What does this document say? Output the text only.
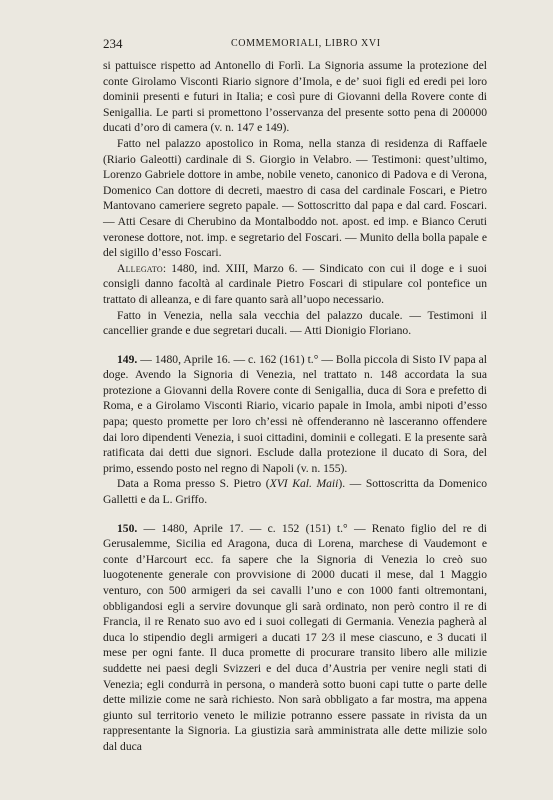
234	COMMEMORIALI, LIBRO XVI

si pattuisce rispetto ad Antonello di Forlì. La Signoria assume la protezione del conte Girolamo Visconti Riario signore d’Imola, e de’ suoi figli ed eredi pei loro dominii presenti e futuri in Italia; e così pure di Giovanni della Rovere conte di Senigallia. Le parti si promettono l’osservanza del presente sotto pena di 200000 ducati d’oro di camera (v. n. 147 e 149).

Fatto nel palazzo apostolico in Roma, nella stanza di residenza di Raffaele (Riario Galeotti) cardinale di S. Giorgio in Velabro. — Testimoni: quest’ultimo, Lorenzo Gabriele dottore in ambe, nobile veneto, canonico di Padova e di Verona, Domenico Can dottore di decreti, maestro di casa del cardinale Foscari, e Pietro Mantovano cameriere segreto papale. — Sottoscritto dal papa e dal card. Foscari. — Atti Cesare di Cherubino da Montalboddo not. apost. ed imp. e Bianco Ceruti veronese dottore, not. imp. e segretario del Foscari. — Munito della bolla papale e del sigillo d’esso Foscari.

Allegato: 1480, ind. XIII, Marzo 6. — Sindicato con cui il doge e i suoi consigli danno facoltà al cardinale Pietro Foscari di stipulare col pontefice un trattato di alleanza, e di fare quanto sarà all’uopo necessario.

Fatto in Venezia, nella sala vecchia del palazzo ducale. — Testimoni il cancellier grande e due segretari ducali. — Atti Dionigio Floriano.

149. — 1480, Aprile 16. — c. 162 (161) t.° — Bolla piccola di Sisto IV papa al doge. Avendo la Signoria di Venezia, nel trattato n. 148 accordata la sua protezione a Giovanni della Rovere conte di Senigallia, duca di Sora e prefetto di Roma, e a Girolamo Visconti Riario, vicario papale in Imola, ambi nipoti d’esso papa; questo promette per loro ch’essi nè offenderanno nè lasceranno offendere dai loro dipendenti Venezia, i suoi cittadini, dominii e collegati. E la presente sarà ratificata dai detti due signori. Esclude dalla protezione il ducato di Sora, del primo, essendo posto nel regno di Napoli (v. n. 155).

Data a Roma presso S. Pietro (XVI Kal. Maii). — Sottoscritta da Domenico Galletti e da L. Griffo.

150. — 1480, Aprile 17. — c. 152 (151) t.° — Renato figlio del re di Gerusalemme, Sicilia ed Aragona, duca di Lorena, marchese di Vaudemont e conte d’Harcourt ecc. fa sapere che la Signoria di Venezia lo creò suo luogotenente generale con provvisione di 2000 ducati il mese, dal 1 Maggio venturo, con 500 armigeri da sei cavalli l’uno e con 1000 fanti oltremontani, obbligandosi egli a servire dovunque gli sarà ordinato, non però contro il re di Francia, il re Renato suo avo ed i suoi collegati di Germania. Venezia pagherà al duca lo stipendio degli armigeri a ducati 17 2⁄3 il mese ciascuno, e 3 ducati il mese per ogni fante. Il duca promette di procurare transito libero alle milizie suddette nei paesi degli Svizzeri e del duca d’Austria per venire negli stati di Venezia; egli condurrà in persona, o manderà sotto buoni capi tutte o parte delle dette milizie come ne sarà richiesto. Non sarà obbligato a far mostra, ma appena giunto sul territorio veneto le milizie potranno essere passate in rivista da un rappresentante la Signoria. La giustizia sarà amministrata alle dette milizie solo dal duca
